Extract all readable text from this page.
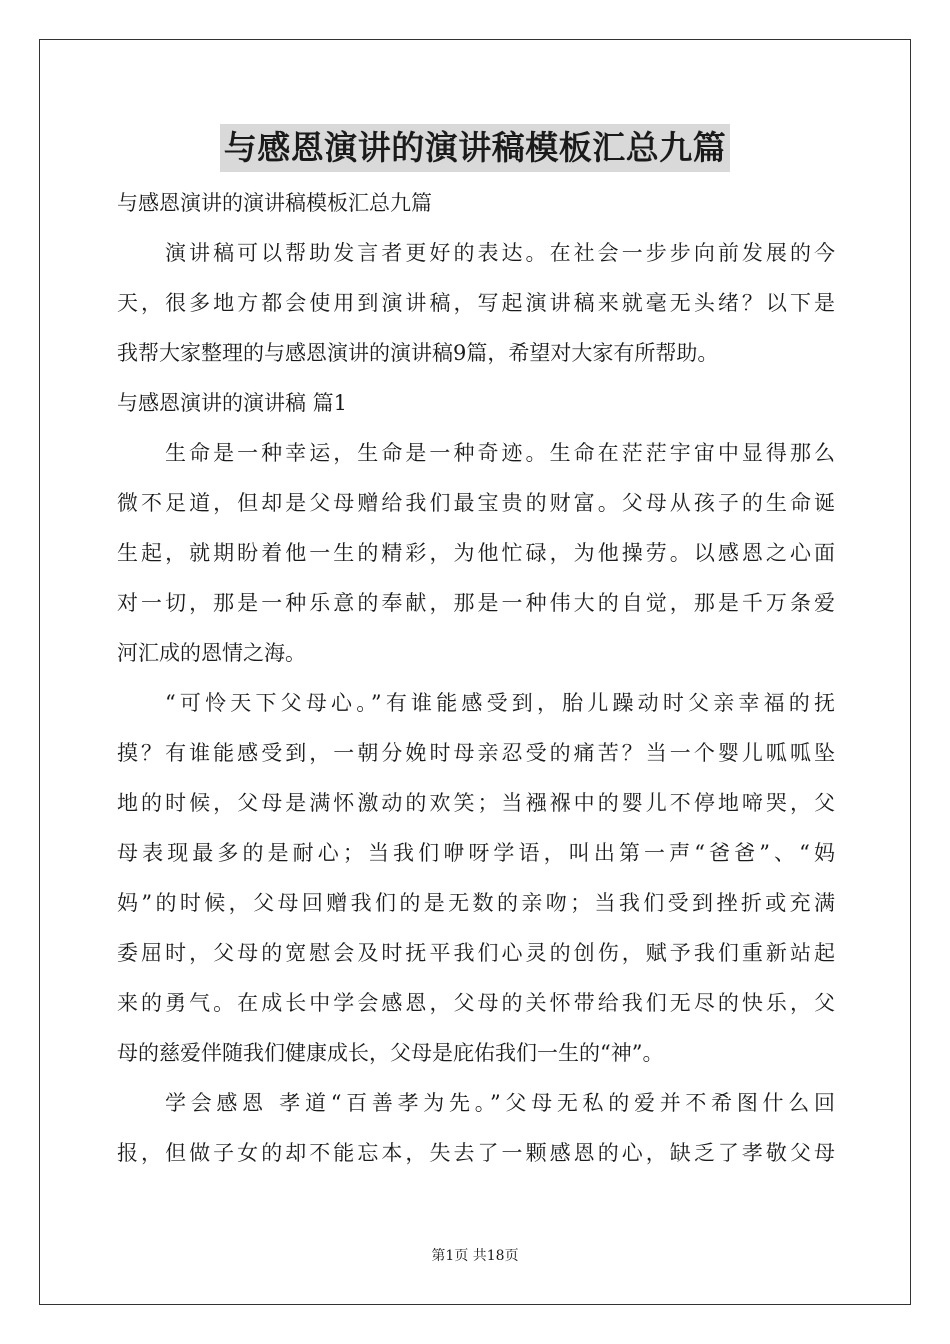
与感恩演讲的演讲稿模板汇总九篇

与感恩演讲的演讲稿模板汇总九篇

演讲稿可以帮助发言者更好的表达。在社会一步步向前发展的今

天，很多地方都会使用到演讲稿，写起演讲稿来就毫无头绪？以下是

我帮大家整理的与感恩演讲的演讲稿9篇，希望对大家有所帮助。

与感恩演讲的演讲稿 篇1

生命是一种幸运，生命是一种奇迹。生命在茫茫宇宙中显得那么

微不足道，但却是父母赠给我们最宝贵的财富。父母从孩子的生命诞

生起，就期盼着他一生的精彩，为他忙碌，为他操劳。以感恩之心面

对一切，那是一种乐意的奉献，那是一种伟大的自觉，那是千万条爱

河汇成的恩情之海。

“可怜天下父母心。”有谁能感受到，胎儿躁动时父亲幸福的抚

摸？有谁能感受到，一朝分娩时母亲忍受的痛苦？当一个婴儿呱呱坠

地的时候，父母是满怀激动的欢笑；当襁褓中的婴儿不停地啼哭，父

母表现最多的是耐心；当我们咿呀学语，叫出第一声“爸爸”、“妈

妈”的时候，父母回赠我们的是无数的亲吻；当我们受到挫折或充满

委屈时，父母的宽慰会及时抚平我们心灵的创伤，赋予我们重新站起

来的勇气。在成长中学会感恩，父母的关怀带给我们无尽的快乐，父

母的慈爱伴随我们健康成长，父母是庇佑我们一生的“神”。

学会感恩 孝道“百善孝为先。”父母无私的爱并不希图什么回

报，但做子女的却不能忘本，失去了一颗感恩的心，缺乏了孝敬父母

第1页 共18页
